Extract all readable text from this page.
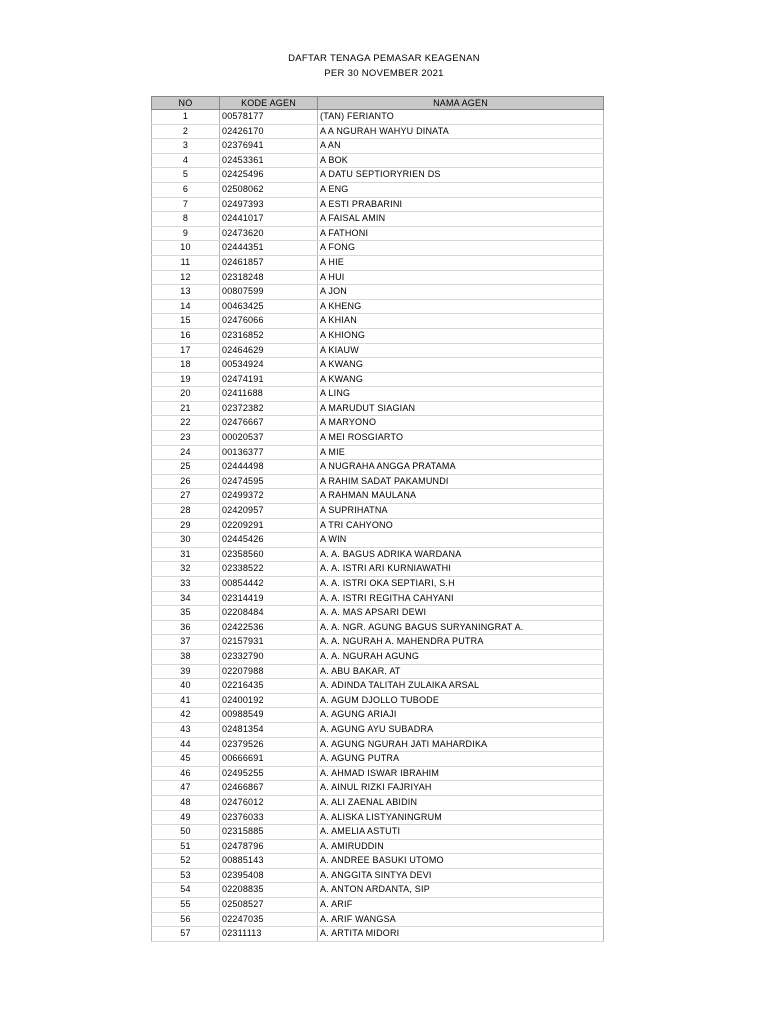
DAFTAR TENAGA PEMASAR KEAGENAN
PER 30 NOVEMBER 2021
NO	KODE AGEN	NAMA AGEN
1	00578177	(TAN) FERIANTO
2	02426170	A A NGURAH WAHYU DINATA
3	02376941	A AN
4	02453361	A BOK
5	02425496	A DATU SEPTIORYRIEN DS
6	02508062	A ENG
7	02497393	A ESTI PRABARINI
8	02441017	A FAISAL AMIN
9	02473620	A FATHONI
10	02444351	A FONG
11	02461857	A HIE
12	02318248	A HUI
13	00807599	A JON
14	00463425	A KHENG
15	02476066	A KHIAN
16	02316852	A KHIONG
17	02464629	A KIAUW
18	00534924	A KWANG
19	02474191	A KWANG
20	02411688	A LING
21	02372382	A MARUDUT SIAGIAN
22	02476667	A MARYONO
23	00020537	A MEI ROSGIARTO
24	00136377	A MIE
25	02444498	A NUGRAHA ANGGA PRATAMA
26	02474595	A RAHIM SADAT PAKAMUNDI
27	02499372	A RAHMAN MAULANA
28	02420957	A SUPRIHATNA
29	02209291	A TRI CAHYONO
30	02445426	A WIN
31	02358560	A. A. BAGUS ADRIKA WARDANA
32	02338522	A. A. ISTRI ARI KURNIAWATHI
33	00854442	A. A. ISTRI OKA SEPTIARI, S.H
34	02314419	A. A. ISTRI REGITHA CAHYANI
35	02208484	A. A. MAS APSARI DEWI
36	02422536	A. A. NGR. AGUNG BAGUS SURYANINGRAT A.
37	02157931	A. A. NGURAH A. MAHENDRA PUTRA
38	02332790	A. A. NGURAH AGUNG
39	02207988	A. ABU BAKAR. AT
40	02216435	A. ADINDA TALITAH ZULAIKA ARSAL
41	02400192	A. AGUM DJOLLO TUBODE
42	00988549	A. AGUNG ARIAJI
43	02481354	A. AGUNG AYU SUBADRA
44	02379526	A. AGUNG NGURAH JATI MAHARDIKA
45	00666691	A. AGUNG PUTRA
46	02495255	A. AHMAD ISWAR IBRAHIM
47	02466867	A. AINUL RIZKI FAJRIYAH
48	02476012	A. ALI ZAENAL ABIDIN
49	02376033	A. ALISKA LISTYANINGRUM
50	02315885	A. AMELIA ASTUTI
51	02478796	A. AMIRUDDIN
52	00885143	A. ANDREE BASUKI UTOMO
53	02395408	A. ANGGITA SINTYA DEVI
54	02208835	A. ANTON ARDANTA, SIP
55	02508527	A. ARIF
56	02247035	A. ARIF WANGSA
57	02311113	A. ARTITA MIDORI
